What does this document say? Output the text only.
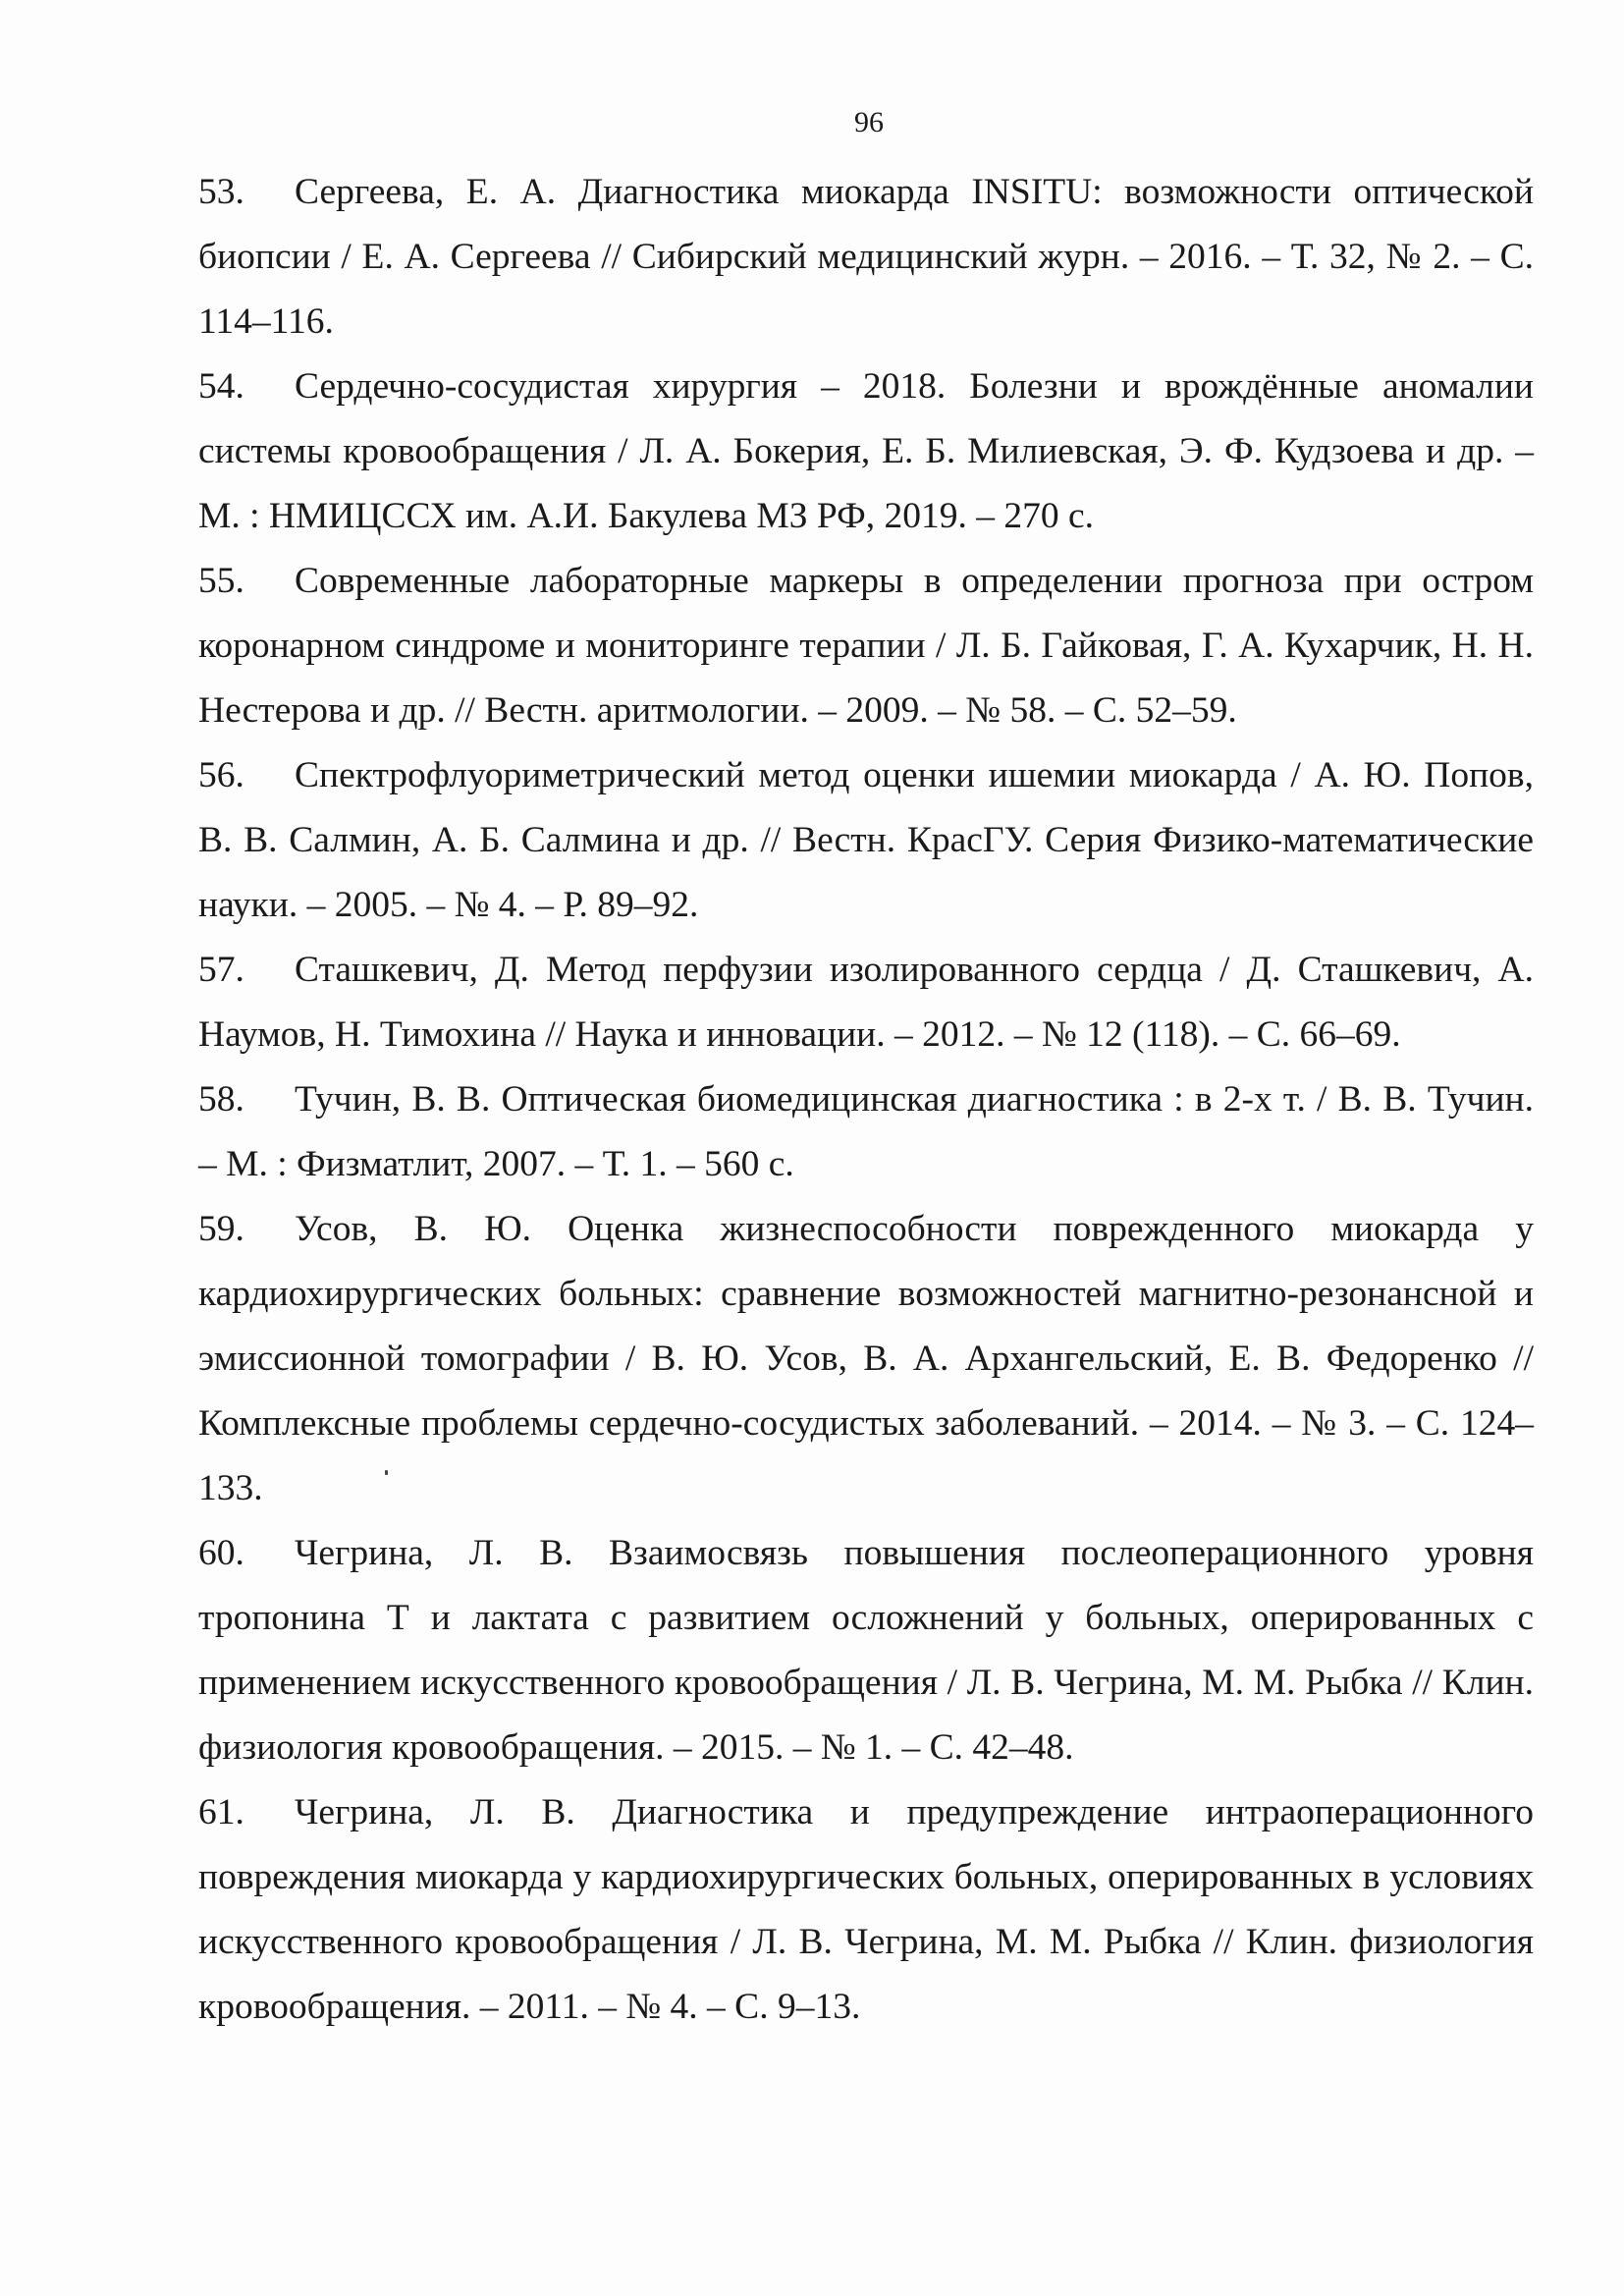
96

53. Сергеева, Е. А. Диагностика миокарда INSITU: возможности оптической биопсии / Е. А. Сергеева // Сибирский медицинский журн. – 2016. – Т. 32, № 2. – С. 114–116.

54. Сердечно-сосудистая хирургия – 2018. Болезни и врождённые аномалии системы кровообращения / Л. А. Бокерия, Е. Б. Милиевская, Э. Ф. Кудзоева и др. – М. : НМИЦССХ им. А.И. Бакулева МЗ РФ, 2019. – 270 с.

55. Современные лабораторные маркеры в определении прогноза при остром коронарном синдроме и мониторинге терапии / Л. Б. Гайковая, Г. А. Кухарчик, Н. Н. Нестерова и др. // Вестн. аритмологии. – 2009. – № 58. – С. 52–59.

56. Спектрофлуориметрический метод оценки ишемии миокарда / А. Ю. Попов, В. В. Салмин, А. Б. Салмина и др. // Вестн. КрасГУ. Серия Физико-математические науки. – 2005. – № 4. – Р. 89–92.

57. Сташкевич, Д. Метод перфузии изолированного сердца / Д. Сташкевич, А. Наумов, Н. Тимохина // Наука и инновации. – 2012. – № 12 (118). – С. 66–69.

58. Тучин, В. В. Оптическая биомедицинская диагностика : в 2-х т. / В. В. Тучин. – М. : Физматлит, 2007. – Т. 1. – 560 с.

59. Усов, В. Ю. Оценка жизнеспособности поврежденного миокарда у кардиохирургических больных: сравнение возможностей магнитно-резонансной и эмиссионной томографии / В. Ю. Усов, В. А. Архангельский, Е. В. Федоренко // Комплексные проблемы сердечно-сосудистых заболеваний. – 2014. – № 3. – С. 124–133.

60. Чегрина, Л. В. Взаимосвязь повышения послеоперационного уровня тропонина Т и лактата с развитием осложнений у больных, оперированных с применением искусственного кровообращения / Л. В. Чегрина, М. М. Рыбка // Клин. физиология кровообращения. – 2015. – № 1. – С. 42–48.

61. Чегрина, Л. В. Диагностика и предупреждение интраоперационного повреждения миокарда у кардиохирургических больных, оперированных в условиях искусственного кровообращения / Л. В. Чегрина, М. М. Рыбка // Клин. физиология кровообращения. – 2011. – № 4. – С. 9–13.
